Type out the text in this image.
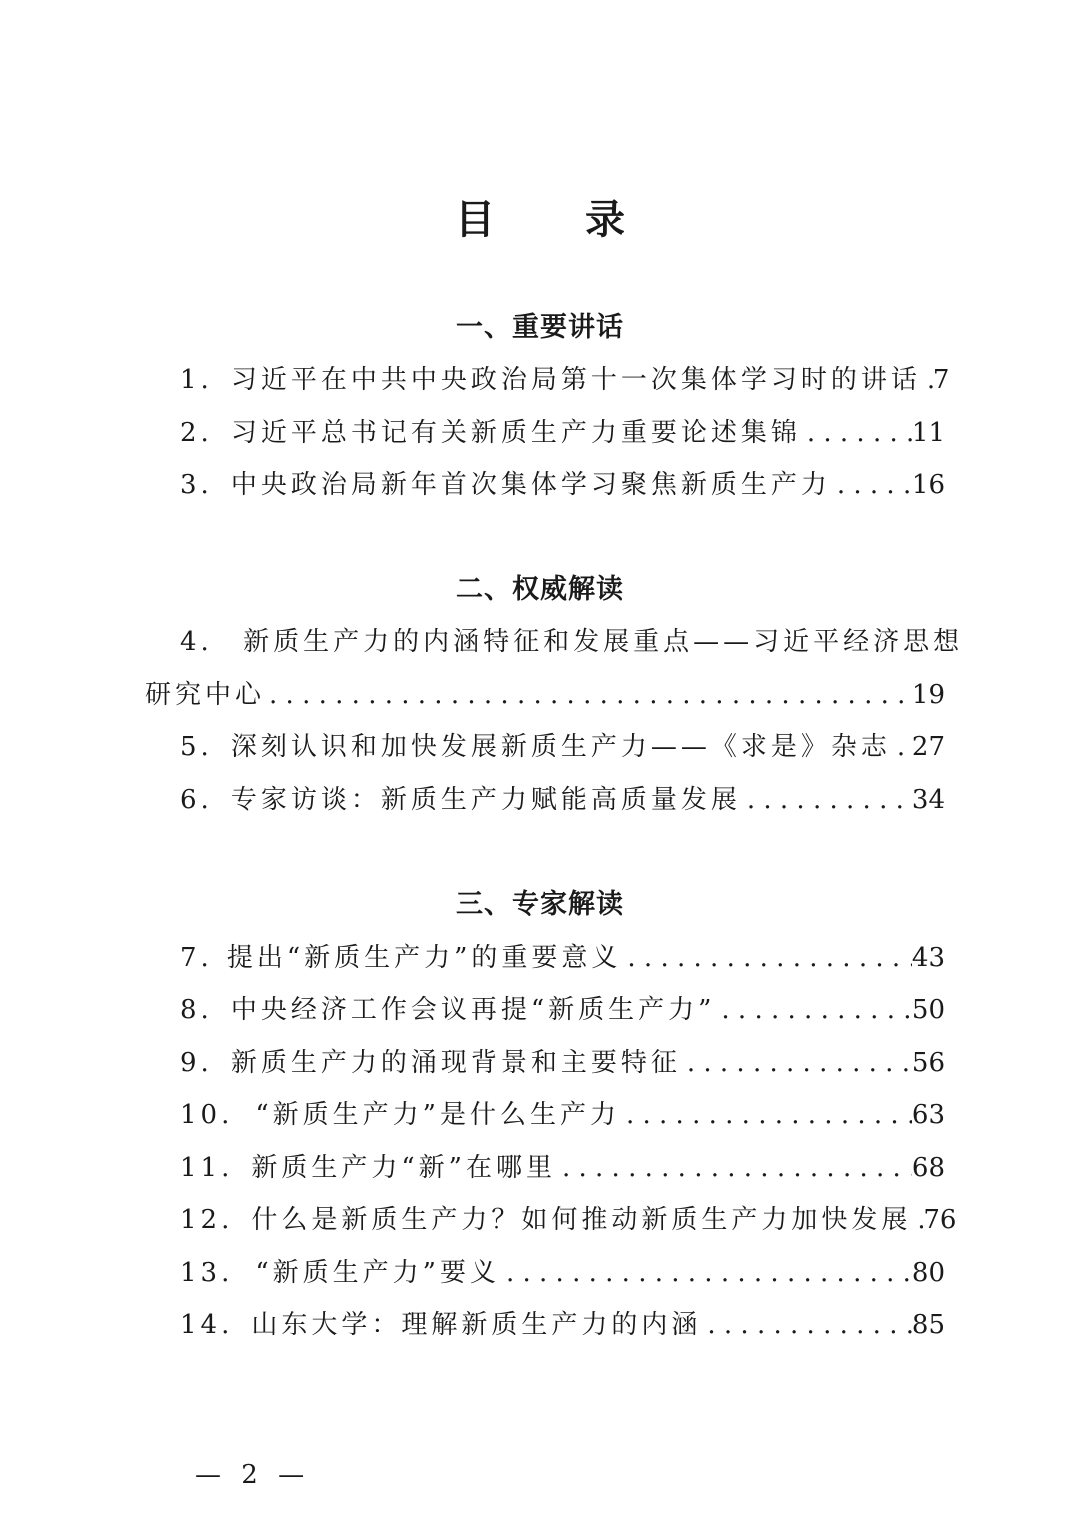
目 录
一、重要讲话
1. 习近平在中共中央政治局第十一次集体学习时的讲话 . . . 7
2. 习近平总书记有关新质生产力重要论述集锦 . . .	11
3. 中央政治局新年首次集体学习聚焦新质生产力 . . .	16
二、权威解读
4. 新质生产力的内涵特征和发展重点——习近平经济思想
研究中心 . . .	19
5. 深刻认识和加快发展新质生产力——《求是》杂志 . . . 27
6. 专家访谈：新质生产力赋能高质量发展 . . .	34
三、专家解读
7. 提出“新质生产力”的重要意义 . . .	43
8. 中央经济工作会议再提“新质生产力” . . .	50
9. 新质生产力的涌现背景和主要特征 . . .	56
10. “新质生产力”是什么生产力 . . .	63
11. 新质生产力“新”在哪里 . . .	68
12. 什么是新质生产力？如何推动新质生产力加快发展 . . . 76
13. “新质生产力”要义 . . .	80
14. 山东大学：理解新质生产力的内涵 . . .	85
— 2 —
